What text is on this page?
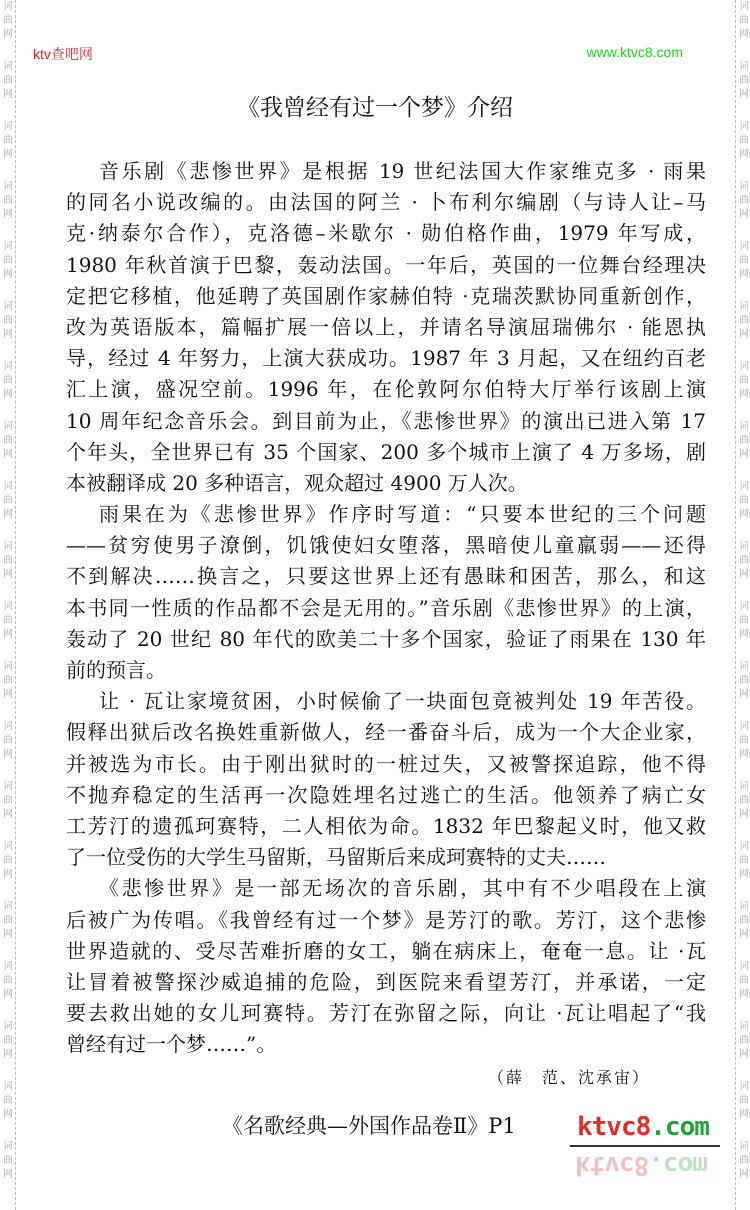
词
曲
网
词
曲
网
词
曲
网
词
曲
网
词
曲
网
词
曲
网
词
曲
网
词
曲
网
词
曲
网
词
曲
网
词
曲
网
词
曲
网
词
曲
网
词
曲
网
词
曲
网
词
曲
网
词
曲
网
词
曲
网
词
曲
网
词
曲
网
词
曲
网
词
曲
网
词
曲
网
词
曲
网
词
曲
网
词
曲
网
词
曲
网
词
曲
网
词
曲
网
词
曲
网
词
曲
网
词
曲
网
词
曲
网
词
曲
网
词
曲
网
词
曲
网
词
曲
网
词
曲
网
词
曲
网
词
曲
网
ktv查吧网	www.ktvc8.com
《我曾经有过一个梦》介绍
音乐剧《悲惨世界》是根据 19 世纪法国大作家维克多 · 雨果
的同名小说改编的。由法国的阿兰 · 卜布利尔编剧（与诗人让–马
克·纳泰尔合作），克洛德–米歇尔 · 勋伯格作曲，1979 年写成，
1980 年秋首演于巴黎，轰动法国。一年后，英国的一位舞台经理决
定把它移植，他延聘了英国剧作家赫伯特 ·克瑞茨默协同重新创作，
改为英语版本，篇幅扩展一倍以上，并请名导演屈瑞佛尔 · 能恩执
导，经过 4 年努力，上演大获成功。1987 年 3 月起，又在纽约百老
汇上演，盛况空前。1996 年，在伦敦阿尔伯特大厅举行该剧上演
10 周年纪念音乐会。到目前为止，《悲惨世界》的演出已进入第 17
个年头，全世界已有 35 个国家、200 多个城市上演了 4 万多场，剧
本被翻译成 20 多种语言，观众超过 4900 万人次。
雨果在为《悲惨世界》作序时写道：“只要本世纪的三个问题
——贫穷使男子潦倒，饥饿使妇女堕落，黑暗使儿童羸弱——还得
不到解决……换言之，只要这世界上还有愚昧和困苦，那么，和这
本书同一性质的作品都不会是无用的。”音乐剧《悲惨世界》的上演，
轰动了 20 世纪 80 年代的欧美二十多个国家，验证了雨果在 130 年
前的预言。
让 · 瓦让家境贫困，小时候偷了一块面包竟被判处 19 年苦役。
假释出狱后改名换姓重新做人，经一番奋斗后，成为一个大企业家，
并被选为市长。由于刚出狱时的一桩过失，又被警探追踪，他不得
不抛弃稳定的生活再一次隐姓埋名过逃亡的生活。他领养了病亡女
工芳汀的遗孤珂赛特，二人相依为命。1832 年巴黎起义时，他又救
了一位受伤的大学生马留斯，马留斯后来成珂赛特的丈夫……
《悲惨世界》是一部无场次的音乐剧，其中有不少唱段在上演
后被广为传唱。《我曾经有过一个梦》是芳汀的歌。芳汀，这个悲惨
世界造就的、受尽苦难折磨的女工，躺在病床上，奄奄一息。让 ·瓦
让冒着被警探沙威追捕的危险，到医院来看望芳汀，并承诺，一定
要去救出她的女儿珂赛特。芳汀在弥留之际，向让 ·瓦让唱起了“我
曾经有过一个梦……”。
（薛　范、沈承宙）
《名歌经典—外国作品卷Ⅱ》P1 ktvc8.com
ktvc8.com
